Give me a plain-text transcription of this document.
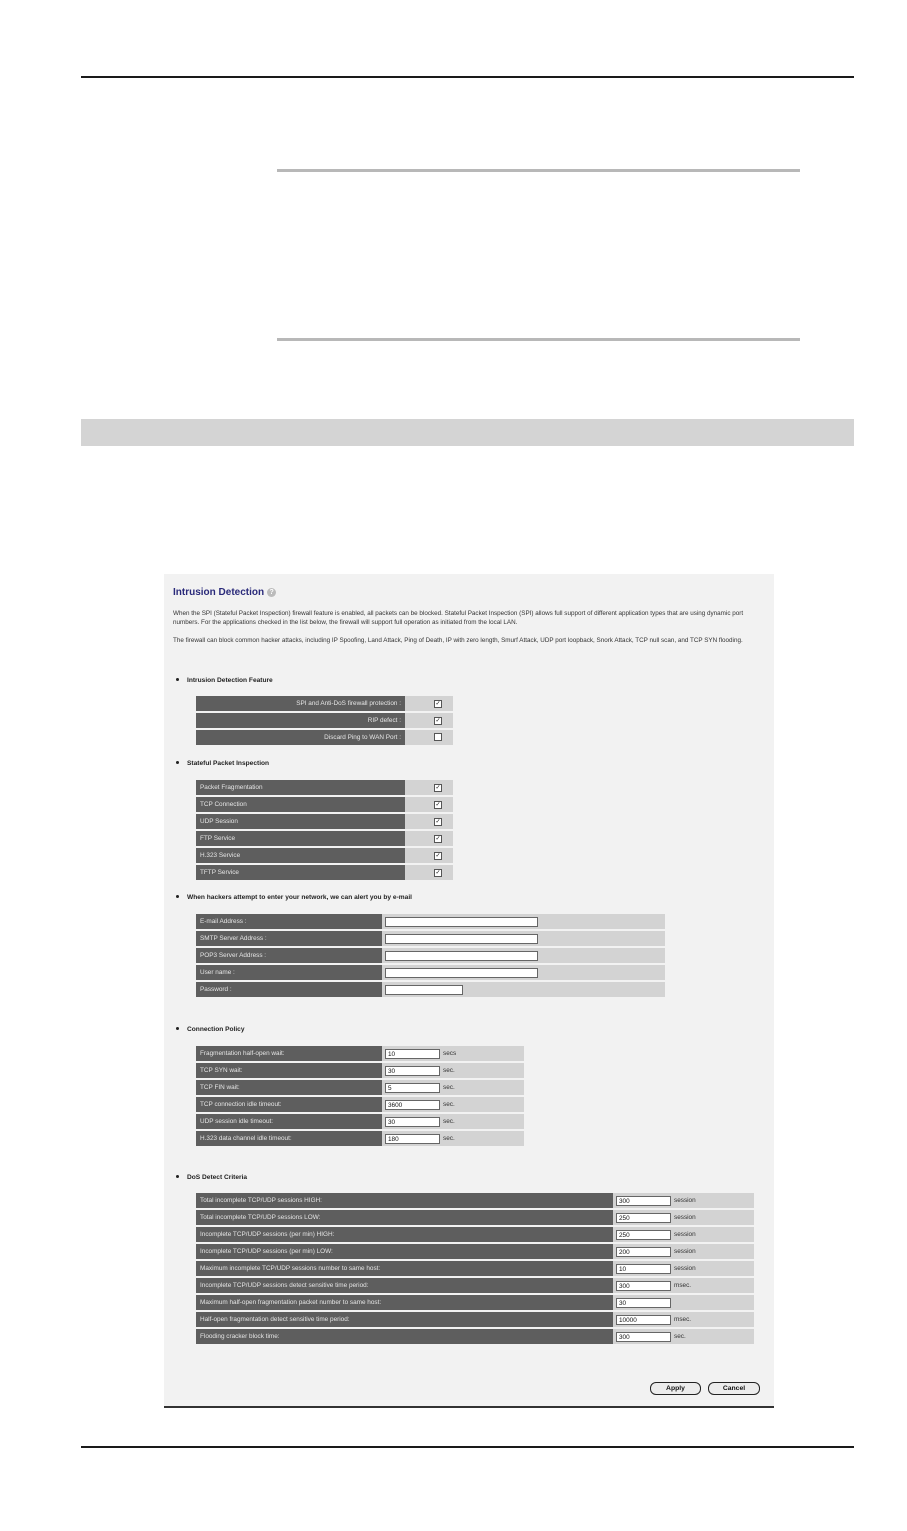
Intrusion Detection ?
When the SPI (Stateful Packet Inspection) firewall feature is enabled, all packets can be blocked. Stateful Packet Inspection (SPI) allows full support of different application types that are using dynamic port numbers. For the applications checked in the list below, the firewall will support full operation as initiated from the local LAN.
The firewall can block common hacker attacks, including IP Spoofing, Land Attack, Ping of Death, IP with zero length, Smurf Attack, UDP port loopback, Snork Attack, TCP null scan, and TCP SYN flooding.
Intrusion Detection Feature
SPI and Anti-DoS firewall protection :	✓
RIP defect :	✓
Discard Ping to WAN Port :	
Stateful Packet Inspection
Packet Fragmentation	✓
TCP Connection	✓
UDP Session	✓
FTP Service	✓
H.323 Service	✓
TFTP Service	✓
When hackers attempt to enter your network, we can alert you by e-mail
E-mail Address :	
SMTP Server Address :	
POP3 Server Address :	
User name :	
Password :	
Connection Policy
Fragmentation half-open wait:	10 secs
TCP SYN wait:	30 sec.
TCP FIN wait:	5 sec.
TCP connection idle timeout:	3600 sec.
UDP session idle timeout:	30 sec.
H.323 data channel idle timeout:	180 sec.
DoS Detect Criteria
Total incomplete TCP/UDP sessions HIGH:	300 session
Total incomplete TCP/UDP sessions LOW:	250 session
Incomplete TCP/UDP sessions (per min) HIGH:	250 session
Incomplete TCP/UDP sessions (per min) LOW:	200 session
Maximum incomplete TCP/UDP sessions number to same host:	10 session
Incomplete TCP/UDP sessions detect sensitive time period:	300 msec.
Maximum half-open fragmentation packet number to same host:	30
Half-open fragmentation detect sensitive time period:	10000 msec.
Flooding cracker block time:	300 sec.
Apply	Cancel
